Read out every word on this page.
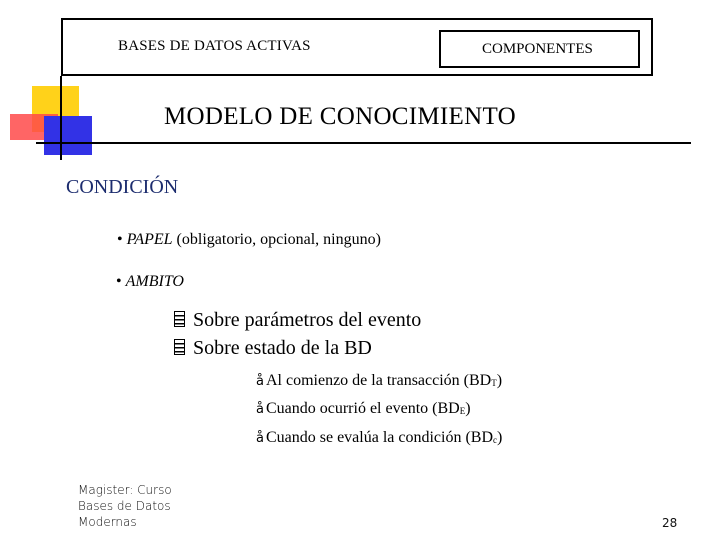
BASES DE DATOS ACTIVAS	COMPONENTES
MODELO DE CONOCIMIENTO
CONDICIÓN
• PAPEL (obligatorio, opcional, ninguno)
• AMBITO
Sobre parámetros del evento
Sobre estado de la BD
å Al comienzo de la transacción (BDT)
å Cuando ocurrió el evento (BDE)
å Cuando se evalúa la condición (BDc)
Magister: Curso
Bases de Datos
Modernas	28
